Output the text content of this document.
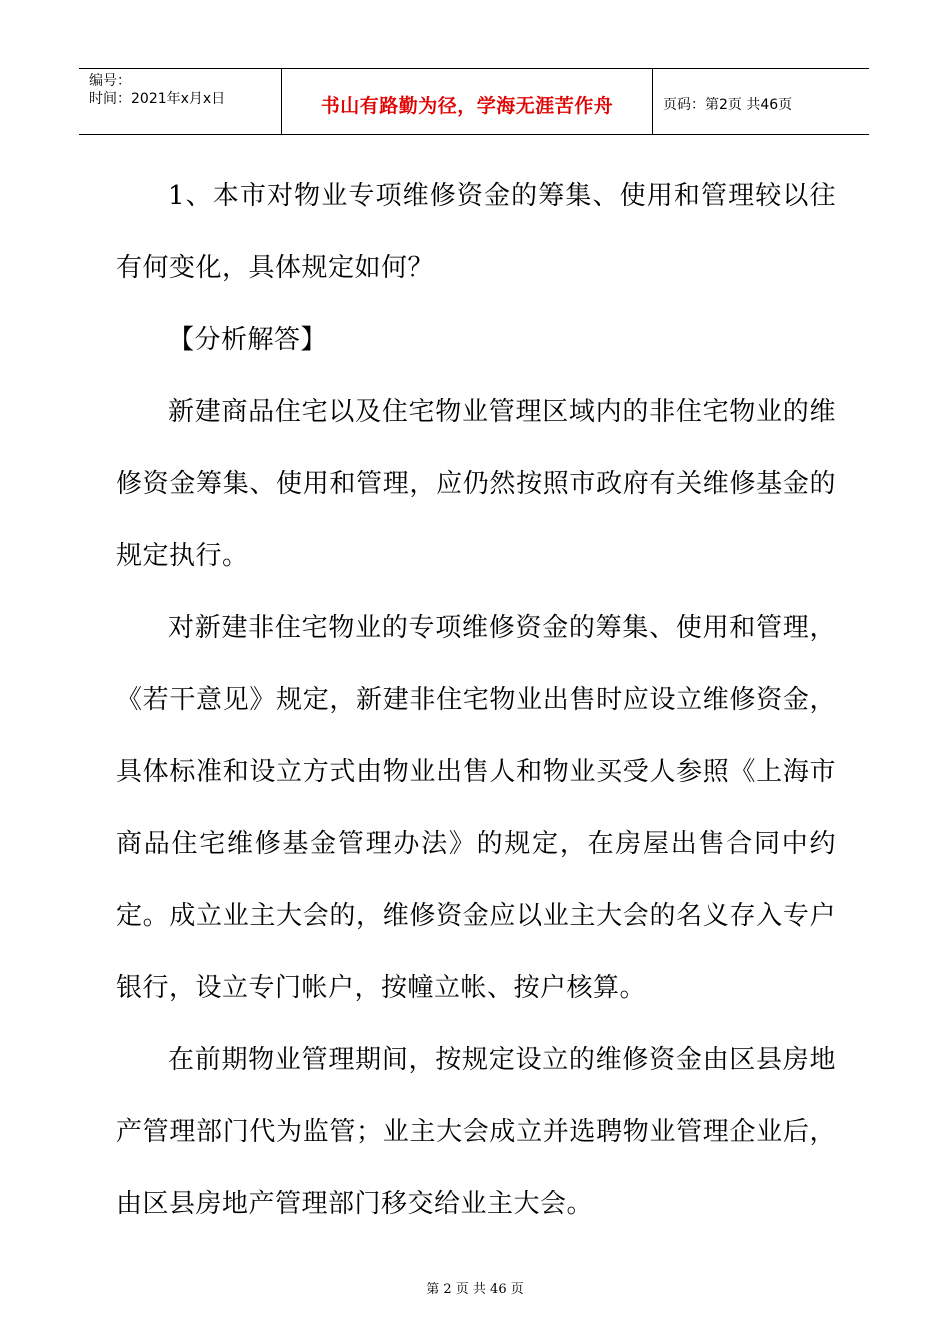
编号：
时间：2021年x月x日	书山有路勤为径，学海无涯苦作舟	页码：第2页 共46页

1、本市对物业专项维修资金的筹集、使用和管理较以往有何变化，具体规定如何？

【分析解答】

新建商品住宅以及住宅物业管理区域内的非住宅物业的维修资金筹集、使用和管理，应仍然按照市政府有关维修基金的规定执行。

对新建非住宅物业的专项维修资金的筹集、使用和管理，《若干意见》规定，新建非住宅物业出售时应设立维修资金，具体标准和设立方式由物业出售人和物业买受人参照《上海市商品住宅维修基金管理办法》的规定，在房屋出售合同中约定。成立业主大会的，维修资金应以业主大会的名义存入专户银行，设立专门帐户，按幢立帐、按户核算。

在前期物业管理期间，按规定设立的维修资金由区县房地产管理部门代为监管；业主大会成立并选聘物业管理企业后，由区县房地产管理部门移交给业主大会。

第 2 页 共 46 页
